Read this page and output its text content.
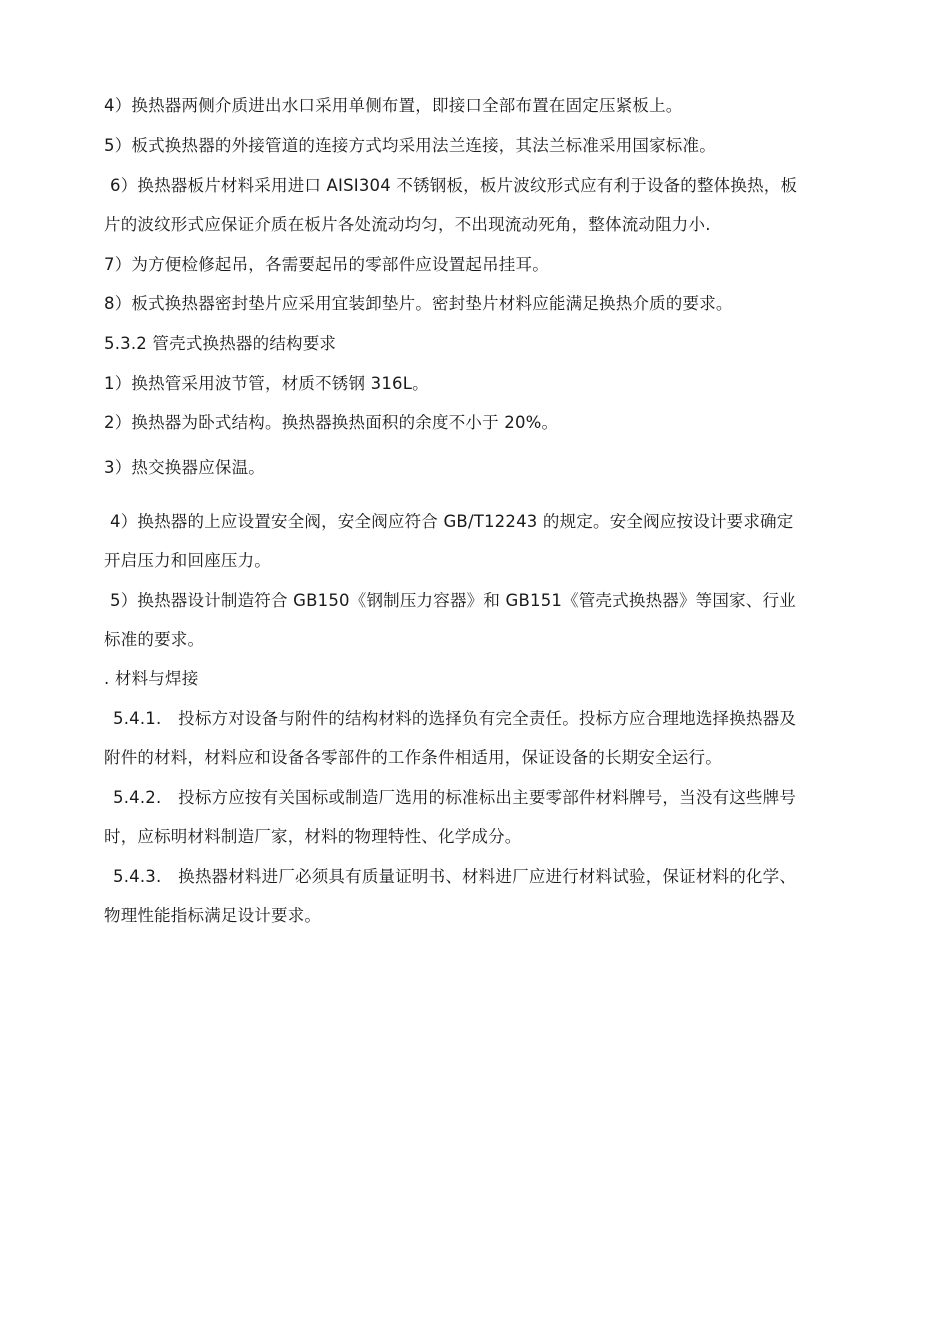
4）换热器两侧介质进出水口采用单侧布置，即接口全部布置在固定压紧板上。
5）板式换热器的外接管道的连接方式均采用法兰连接，其法兰标准采用国家标准。
6）换热器板片材料采用进口 AISI304 不锈钢板，板片波纹形式应有利于设备的整体换热，板
片的波纹形式应保证介质在板片各处流动均匀，不出现流动死角，整体流动阻力小.
7）为方便检修起吊，各需要起吊的零部件应设置起吊挂耳。
8）板式换热器密封垫片应采用宜装卸垫片。密封垫片材料应能满足换热介质的要求。
5.3.2 管壳式换热器的结构要求
1）换热管采用波节管，材质不锈钢 316L。
2）换热器为卧式结构。换热器换热面积的余度不小于 20%。
3）热交换器应保温。
4）换热器的上应设置安全阀，安全阀应符合 GB/T12243 的规定。安全阀应按设计要求确定
开启压力和回座压力。
5）换热器设计制造符合 GB150《钢制压力容器》和 GB151《管壳式换热器》等国家、行业
标准的要求。
. 材料与焊接
5.4.1.　投标方对设备与附件的结构材料的选择负有完全责任。投标方应合理地选择换热器及
附件的材料，材料应和设备各零部件的工作条件相适用，保证设备的长期安全运行。
5.4.2.　投标方应按有关国标或制造厂选用的标准标出主要零部件材料牌号，当没有这些牌号
时，应标明材料制造厂家，材料的物理特性、化学成分。
5.4.3.　换热器材料进厂必须具有质量证明书、材料进厂应进行材料试验，保证材料的化学、
物理性能指标满足设计要求。
